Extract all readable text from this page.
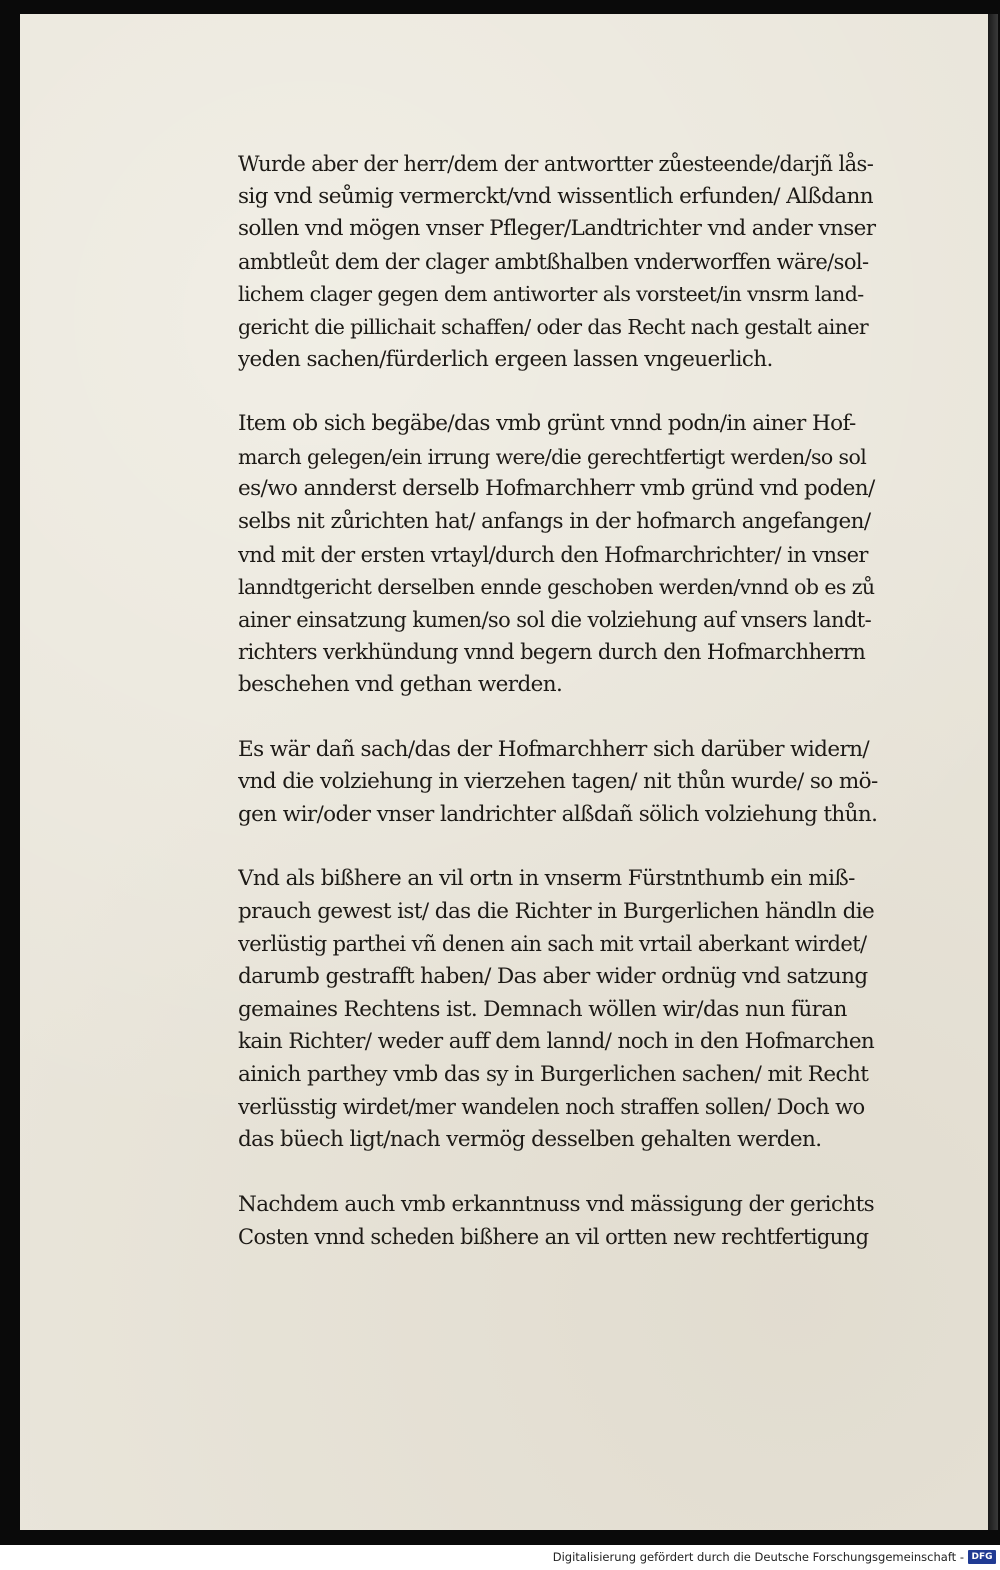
Wurde aber der herr/dem der antwortter zůesteende/darjñ lås-
sig vnd seůmig vermerckt/vnd wissentlich erfunden/ Alßdann
sollen vnd mögen vnser Pfleger/Landtrichter vnd ander vnser
ambtleůt dem der clager ambtßhalben vnderworffen wäre/sol-
lichem clager gegen dem antiworter als vorsteet/in vnsrm land-
gericht die pillichait schaffen/ oder das Recht nach gestalt ainer
yeden sachen/fürderlich ergeen lassen vngeuerlich.

Item ob sich begäbe/das vmb grünt vnnd podn/in ainer Hof-
march gelegen/ein irrung were/die gerechtfertigt werden/so sol
es/wo annderst derselb Hofmarchherr vmb gründ vnd poden/
selbs nit zůrichten hat/ anfangs in der hofmarch angefangen/
vnd mit der ersten vrtayl/durch den Hofmarchrichter/ in vnser
lanndtgericht derselben ennde geschoben werden/vnnd ob es zů
ainer einsatzung kumen/so sol die volziehung auf vnsers landt-
richters verkhündung vnnd begern durch den Hofmarchherrn
beschehen vnd gethan werden.

Es wär dañ sach/das der Hofmarchherr sich darüber widern/
vnd die volziehung in vierzehen tagen/ nit thůn wurde/ so mö-
gen wir/oder vnser landrichter alßdañ sölich volziehung thůn.

Vnd als bißhere an vil ortn in vnserm Fürstnthumb ein miß-
prauch gewest ist/ das die Richter in Burgerlichen händln die
verlüstig parthei vñ denen ain sach mit vrtail aberkant wirdet/
darumb gestrafft haben/ Das aber wider ordnüg vnd satzung
gemaines Rechtens ist. Demnach wöllen wir/das nun füran
kain Richter/ weder auff dem lannd/ noch in den Hofmarchen
ainich parthey vmb das sy in Burgerlichen sachen/ mit Recht
verlüsstig wirdet/mer wandelen noch straffen sollen/ Doch wo
das büech ligt/nach vermög desselben gehalten werden.

Nachdem auch vmb erkanntnuss vnd mässigung der gerichts
Costen vnnd scheden bißhere an vil ortten new rechtfertigung

Digitalisierung gefördert durch die Deutsche Forschungsgemeinschaft - DFG
